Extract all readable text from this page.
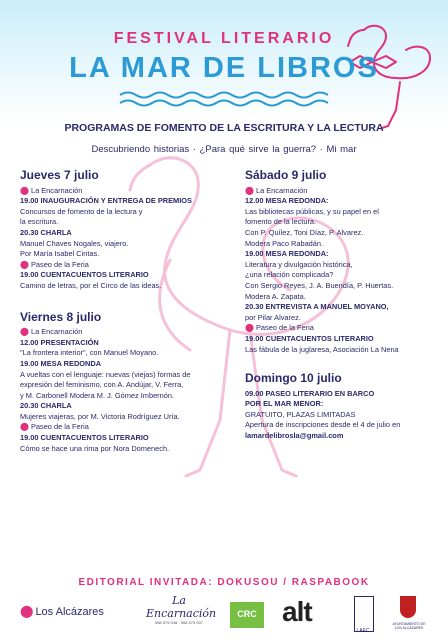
FESTIVAL LITERARIO
LA MAR DE LIBROS
PROGRAMAS DE FOMENTO DE LA ESCRITURA Y LA LECTURA
Descubriendo historias · ¿Para qué sirve la guerra? · Mi mar
Jueves 7 julio
⬤ La Encarnación
19.00 INAUGURACIÓN Y ENTREGA DE PREMIOS
Concursos de fomento de la lectura y
la escritura.
20.30 CHARLA
Manuel Chaves Nogales, viajero.
Por María Isabel Cintas.
⬤ Paseo de la Feria
19.00 CUENTACUENTOS LITERARIO
Camino de letras, por el Circo de las ideas.
Viernes 8 julio
⬤ La Encarnación
12.00 PRESENTACIÓN
"La frontera interior", con Manuel Moyano.
19.00 MESA REDONDA
A vueltas con el lenguaje: nuevas (viejas) formas de
expresión del feminismo, con A. Andújar, V. Ferra,
y M. Carbonell Modera M. J. Gómez Imbernón.
20.30 CHARLA
Mujeres viajeras, por M. Victoria Rodríguez Uría.
⬤ Paseo de la Feria
19.00 CUENTACUENTOS LITERARIO
Cómo se hace una rima por Nora Domenech.
Sábado 9 julio
⬤ La Encarnación
12.00 MESA REDONDA:
Las bibliotecas públicas, y su papel en el
fomento de la lectura.
Con P. Quílez, Toni Díaz, P. Alvarez.
Modera Paco Rabadán.
19.00 MESA REDONDA:
Literatura y divulgación histórica,
¿una relación complicada?
Con Sergio Reyes, J. A. Buendía, P. Huertas.
Modera A. Zapata.
20.30 ENTREVISTA A MANUEL MOYANO,
por Pilar Alvarez.
⬤ Paseo de la Feria
19.00 CUENTACUENTOS LITERARIO
Las fábula de la juglaresa, Asociación La Nena
Domingo 10 julio
09.00 PASEO LITERARIO EN BARCO
POR EL MAR MENOR:
GRATUITO, PLAZAS LIMITADAS
Apertura de inscripciones desde el 4 de julio en
lamardelibrosla@gmail.com
EDITORIAL INVITADA: DOKUSOU / RASPABOOK
⬤ Los Alcázares
La Encarnación
968 575 048 · 968 575 007
CRC alt
LAEC
AYUNTAMIENTO DE LOS ALCÁZARES
